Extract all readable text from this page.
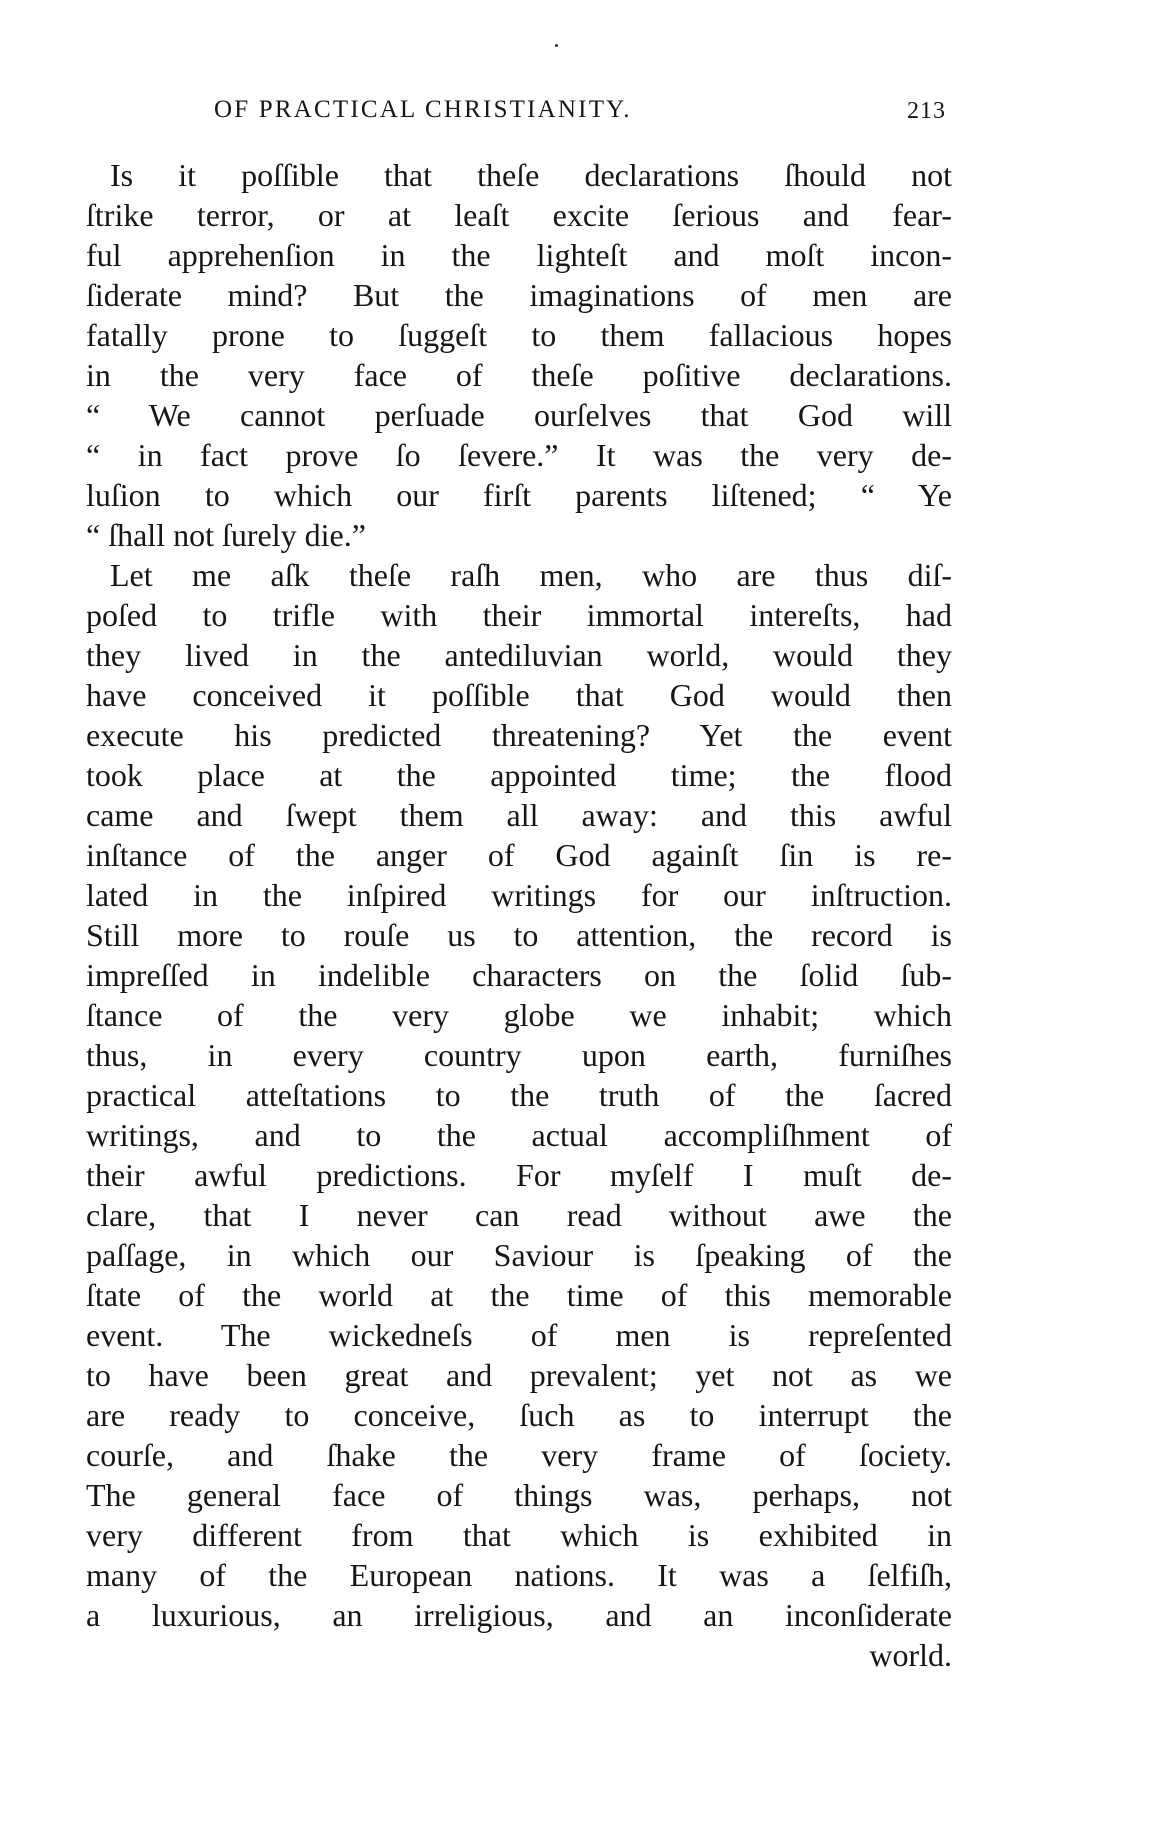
OF PRACTICAL CHRISTIANITY.	213
Is it poſſible that theſe declarations ſhould not
ſtrike terror, or at leaſt excite ſerious and fear-
ful apprehenſion in the lighteſt and moſt incon-
ſiderate mind? But the imaginations of men are
fatally prone to ſuggeſt to them fallacious hopes
in the very face of theſe poſitive declarations.
“ We cannot perſuade ourſelves that God will
“ in fact prove ſo ſevere.” It was the very de-
luſion to which our firſt parents liſtened; “ Ye
“ ſhall not ſurely die.”
Let me aſk theſe raſh men, who are thus diſ-
poſed to trifle with their immortal intereſts, had
they lived in the antediluvian world, would they
have conceived it poſſible that God would then
execute his predicted threatening? Yet the event
took place at the appointed time; the flood
came and ſwept them all away: and this awful
inſtance of the anger of God againſt ſin is re-
lated in the inſpired writings for our inſtruction.
Still more to rouſe us to attention, the record is
impreſſed in indelible characters on the ſolid ſub-
ſtance of the very globe we inhabit; which
thus, in every country upon earth, furniſhes
practical atteſtations to the truth of the ſacred
writings, and to the actual accompliſhment of
their awful predictions. For myſelf I muſt de-
clare, that I never can read without awe the
paſſage, in which our Saviour is ſpeaking of the
ſtate of the world at the time of this memorable
event. The wickedneſs of men is repreſented
to have been great and prevalent; yet not as we
are ready to conceive, ſuch as to interrupt the
courſe, and ſhake the very frame of ſociety.
The general face of things was, perhaps, not
very different from that which is exhibited in
many of the European nations. It was a ſelfiſh,
a luxurious, an irreligious, and an inconſiderate
world.
